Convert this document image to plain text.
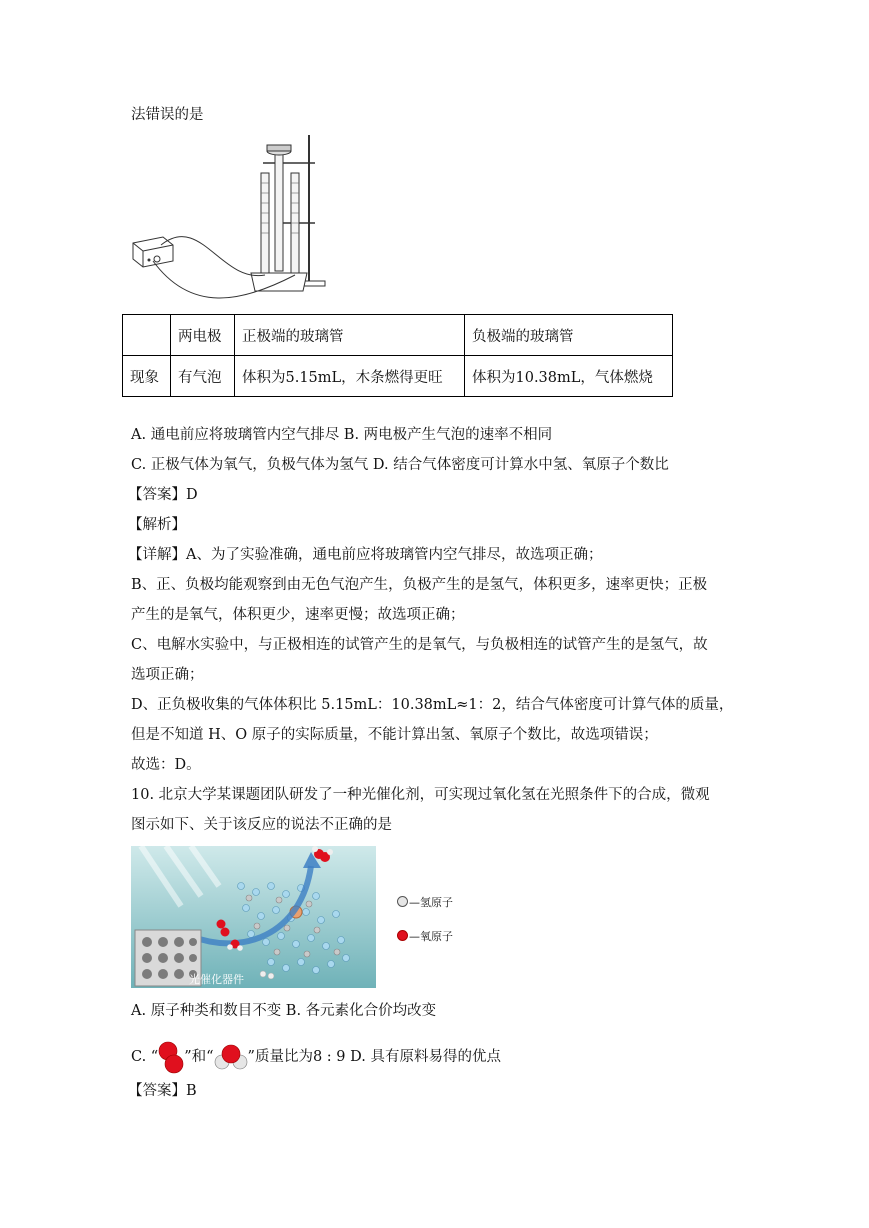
法错误的是
	两电极	正极端的玻璃管	负极端的玻璃管
现象	有气泡	体积为5.15mL，木条燃得更旺	体积为10.38mL，气体燃烧
A. 通电前应将玻璃管内空气排尽 B. 两电极产生气泡的速率不相同
C. 正极气体为氧气，负极气体为氢气 D. 结合气体密度可计算水中氢、氧原子个数比
【答案】D
【解析】
【详解】A、为了实验准确，通电前应将玻璃管内空气排尽，故选项正确；
B、正、负极均能观察到由无色气泡产生，负极产生的是氢气，体积更多，速率更快；正极
产生的是氧气，体积更少，速率更慢；故选项正确；
C、电解水实验中，与正极相连的试管产生的是氧气，与负极相连的试管产生的是氢气，故
选项正确；
D、正负极收集的气体体积比 5.15mL：10.38mL≈1：2，结合气体密度可计算气体的质量，
但是不知道 H、O 原子的实际质量，不能计算出氢、氧原子个数比，故选项错误；
故选：D。
10. 北京大学某课题团队研发了一种光催化剂，可实现过氧化氢在光照条件下的合成，微观
图示如下、关于该反应的说法不正确的是
光催化器件
—氢原子
—氧原子
A. 原子种类和数目不变 B. 各元素化合价均改变
C. “ ”和“ ”质量比为8 : 9 D. 具有原料易得的优点
【答案】B
